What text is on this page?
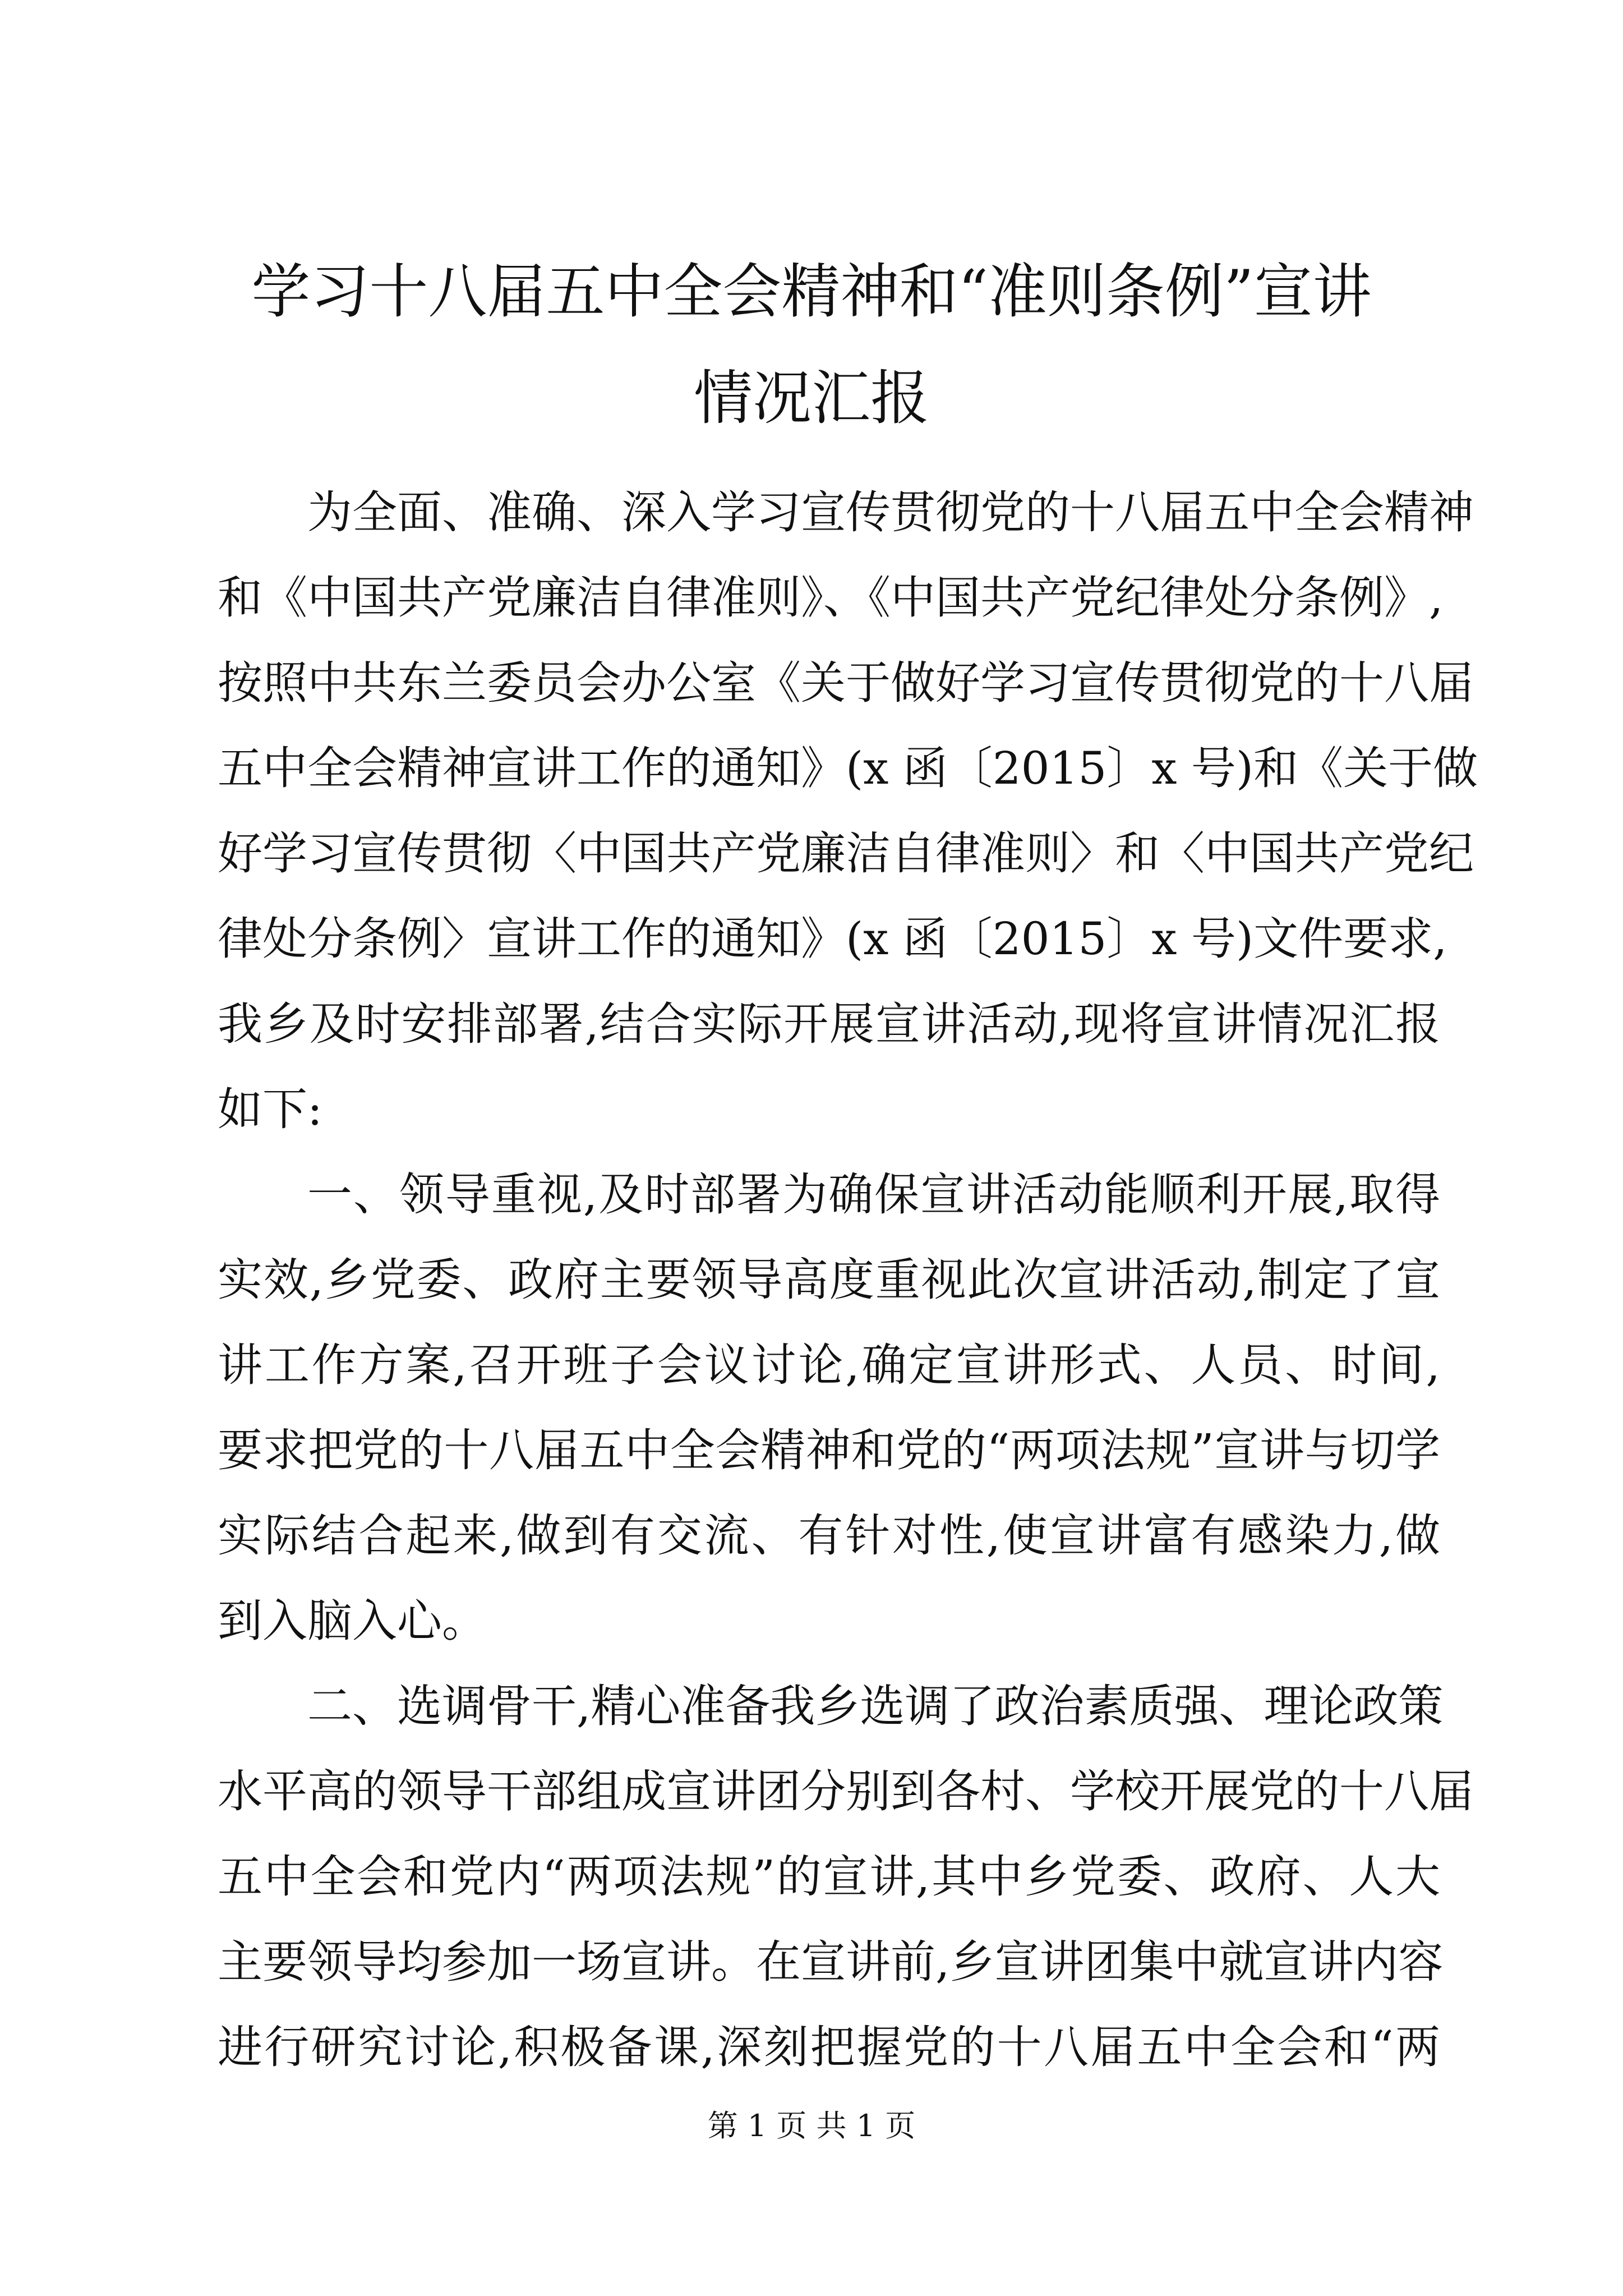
学习十八届五中全会精神和“准则条例”宣讲
情况汇报
为全面、准确、深入学习宣传贯彻党的十八届五中全会精神
和《中国共产党廉洁自律准则》、《中国共产党纪律处分条例》,
按照中共东兰委员会办公室《关于做好学习宣传贯彻党的十八届
五中全会精神宣讲工作的通知》(x 函〔2015〕x 号)和《关于做
好学习宣传贯彻〈中国共产党廉洁自律准则〉和〈中国共产党纪
律处分条例〉宣讲工作的通知》(x 函〔2015〕x 号)文件要求,
我乡及时安排部署,结合实际开展宣讲活动,现将宣讲情况汇报
如下:
一、领导重视,及时部署为确保宣讲活动能顺利开展,取得
实效,乡党委、政府主要领导高度重视此次宣讲活动,制定了宣
讲工作方案,召开班子会议讨论,确定宣讲形式、人员、时间,
要求把党的十八届五中全会精神和党的“两项法规”宣讲与切学
实际结合起来,做到有交流、有针对性,使宣讲富有感染力,做
到入脑入心。
二、选调骨干,精心准备我乡选调了政治素质强、理论政策
水平高的领导干部组成宣讲团分别到各村、学校开展党的十八届
五中全会和党内“两项法规”的宣讲,其中乡党委、政府、人大
主要领导均参加一场宣讲。在宣讲前,乡宣讲团集中就宣讲内容
进行研究讨论,积极备课,深刻把握党的十八届五中全会和“两
第 1 页 共 1 页
